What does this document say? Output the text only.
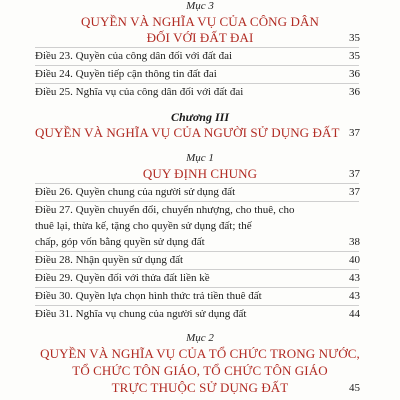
Mục 3
QUYỀN VÀ NGHĨA VỤ CỦA CÔNG DÂN
ĐỐI VỚI ĐẤT ĐAI	35
Điều 23. Quyền của công dân đối với đất đai	35
Điều 24. Quyền tiếp cận thông tin đất đai	36
Điều 25. Nghĩa vụ của công dân đối với đất đai	36
Chương III
QUYỀN VÀ NGHĨA VỤ CỦA NGƯỜI SỬ DỤNG ĐẤT 37
Mục 1
QUY ĐỊNH CHUNG	37
Điều 26. Quyền chung của người sử dụng đất	37
Điều 27. Quyền chuyển đổi, chuyển nhượng, cho thuê, cho
thuê lại, thừa kế, tặng cho quyền sử dụng đất; thế
chấp, góp vốn bằng quyền sử dụng đất	38
Điều 28. Nhận quyền sử dụng đất	40
Điều 29. Quyền đối với thửa đất liền kề	43
Điều 30. Quyền lựa chọn hình thức trả tiền thuê đất	43
Điều 31. Nghĩa vụ chung của người sử dụng đất	44
Mục 2
QUYỀN VÀ NGHĨA VỤ CỦA TỔ CHỨC TRONG NƯỚC,
TỔ CHỨC TÔN GIÁO, TỔ CHỨC TÔN GIÁO
TRỰC THUỘC SỬ DỤNG ĐẤT	45
